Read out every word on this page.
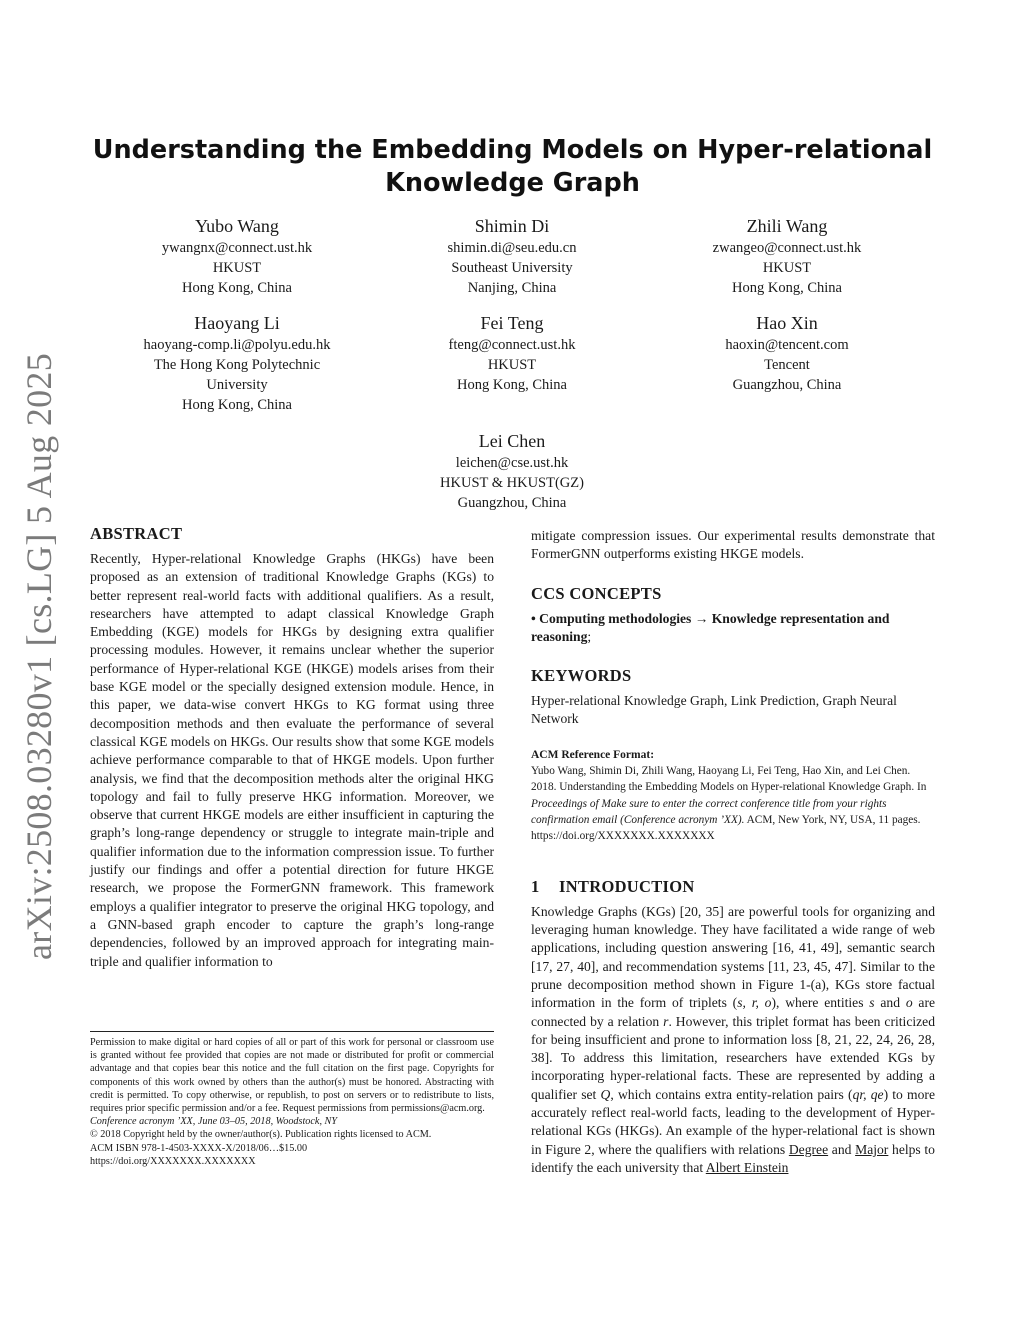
arXiv:2508.03280v1 [cs.LG] 5 Aug 2025
Understanding the Embedding Models on Hyper-relational Knowledge Graph
Yubo Wang
ywangnx@connect.ust.hk
HKUST
Hong Kong, China
Shimin Di
shimin.di@seu.edu.cn
Southeast University
Nanjing, China
Zhili Wang
zwangeo@connect.ust.hk
HKUST
Hong Kong, China
Haoyang Li
haoyang-comp.li@polyu.edu.hk
The Hong Kong Polytechnic
University
Hong Kong, China
Fei Teng
fteng@connect.ust.hk
HKUST
Hong Kong, China
Hao Xin
haoxin@tencent.com
Tencent
Guangzhou, China
Lei Chen
leichen@cse.ust.hk
HKUST & HKUST(GZ)
Guangzhou, China
ABSTRACT

Recently, Hyper-relational Knowledge Graphs (HKGs) have been proposed as an extension of traditional Knowledge Graphs (KGs) to better represent real-world facts with additional qualifiers. As a result, researchers have attempted to adapt classical Knowledge Graph Embedding (KGE) models for HKGs by designing extra qualifier processing modules. However, it remains unclear whether the superior performance of Hyper-relational KGE (HKGE) models arises from their base KGE model or the specially designed extension module. Hence, in this paper, we data-wise convert HKGs to KG format using three decomposition methods and then evaluate the performance of several classical KGE models on HKGs. Our results show that some KGE models achieve performance comparable to that of HKGE models. Upon further analysis, we find that the decomposition methods alter the original HKG topology and fail to fully preserve HKG information. Moreover, we observe that current HKGE models are either insufficient in capturing the graph’s long-range dependency or struggle to integrate main-triple and qualifier information due to the information compression issue. To further justify our findings and offer a potential direction for future HKGE research, we propose the FormerGNN framework. This framework employs a qualifier integrator to preserve the original HKG topology, and a GNN-based graph encoder to capture the graph’s long-range dependencies, followed by an improved approach for integrating main-triple and qualifier information to

Permission to make digital or hard copies of all or part of this work for personal or classroom use is granted without fee provided that copies are not made or distributed for profit or commercial advantage and that copies bear this notice and the full citation on the first page. Copyrights for components of this work owned by others than the author(s) must be honored. Abstracting with credit is permitted. To copy otherwise, or republish, to post on servers or to redistribute to lists, requires prior specific permission and/or a fee. Request permissions from permissions@acm.org.

Conference acronym ’XX, June 03–05, 2018, Woodstock, NY

© 2018 Copyright held by the owner/author(s). Publication rights licensed to ACM.

ACM ISBN 978-1-4503-XXXX-X/2018/06…$15.00

https://doi.org/XXXXXXX.XXXXXXX

mitigate compression issues. Our experimental results demonstrate that FormerGNN outperforms existing HKGE models.

CCS CONCEPTS

• Computing methodologies → Knowledge representation and reasoning;

KEYWORDS

Hyper-relational Knowledge Graph, Link Prediction, Graph Neural Network

ACM Reference Format:

Yubo Wang, Shimin Di, Zhili Wang, Haoyang Li, Fei Teng, Hao Xin, and Lei Chen. 2018. Understanding the Embedding Models on Hyper-relational Knowledge Graph. In Proceedings of Make sure to enter the correct conference title from your rights confirmation email (Conference acronym ’XX). ACM, New York, NY, USA, 11 pages. https://doi.org/XXXXXXX.XXXXXXX

1 INTRODUCTION

Knowledge Graphs (KGs) [20, 35] are powerful tools for organizing and leveraging human knowledge. They have facilitated a wide range of web applications, including question answering [16, 41, 49], semantic search [17, 27, 40], and recommendation systems [11, 23, 45, 47]. Similar to the prune decomposition method shown in Figure 1-(a), KGs store factual information in the form of triplets (s, r, o), where entities s and o are connected by a relation r. However, this triplet format has been criticized for being insufficient and prone to information loss [8, 21, 22, 24, 26, 28, 38]. To address this limitation, researchers have extended KGs by incorporating hyper-relational facts. These are represented by adding a qualifier set Q, which contains extra entity-relation pairs (qr, qe) to more accurately reflect real-world facts, leading to the development of Hyper-relational KGs (HKGs). An example of the hyper-relational fact is shown in Figure 2, where the qualifiers with relations Degree and Major helps to identify the each university that Albert Einstein
